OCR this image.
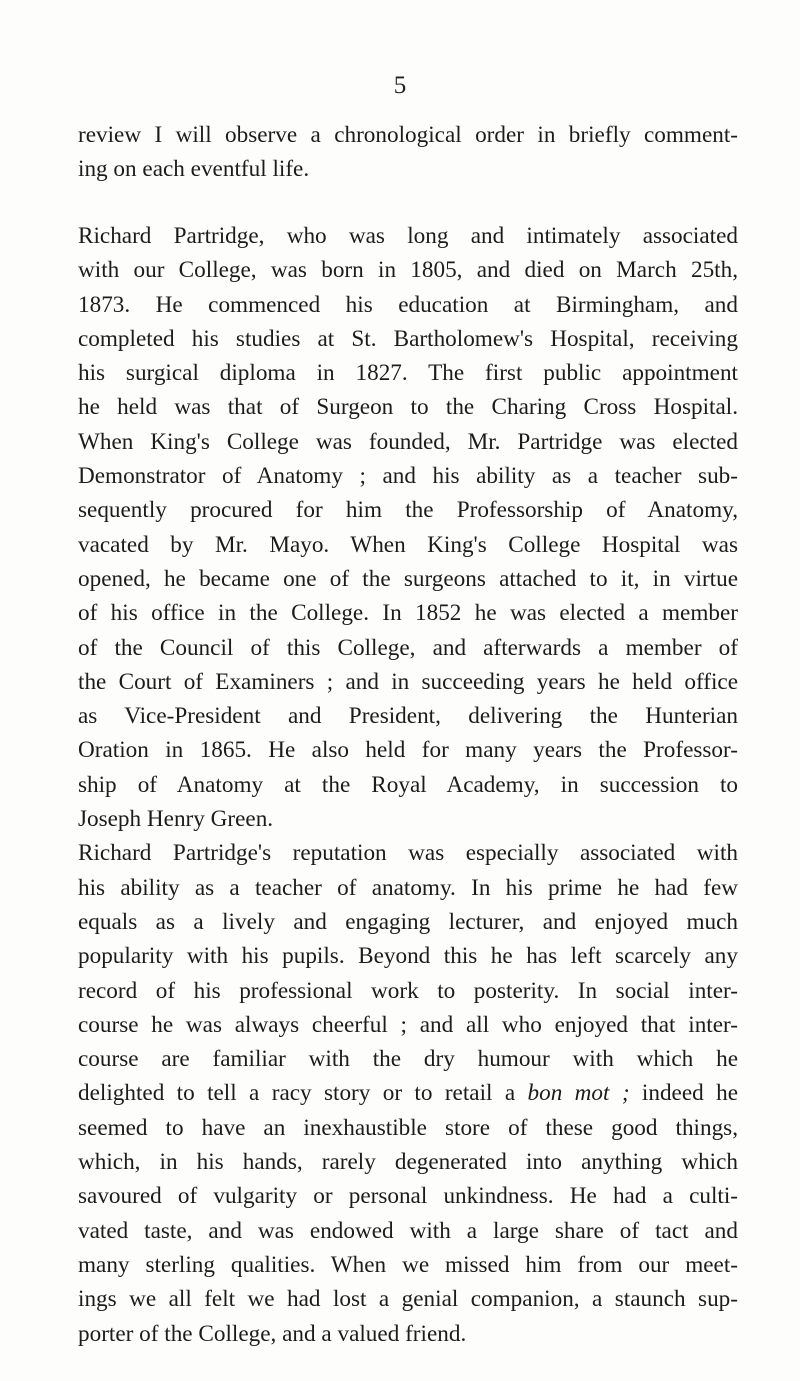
5
review I will observe a chronological order in briefly comment-
ing on each eventful life.
Richard Partridge, who was long and intimately associated
with our College, was born in 1805, and died on March 25th,
1873. He commenced his education at Birmingham, and
completed his studies at St. Bartholomew's Hospital, receiving
his surgical diploma in 1827. The first public appointment
he held was that of Surgeon to the Charing Cross Hospital.
When King's College was founded, Mr. Partridge was elected
Demonstrator of Anatomy ; and his ability as a teacher sub-
sequently procured for him the Professorship of Anatomy,
vacated by Mr. Mayo. When King's College Hospital was
opened, he became one of the surgeons attached to it, in virtue
of his office in the College. In 1852 he was elected a member
of the Council of this College, and afterwards a member of
the Court of Examiners ; and in succeeding years he held office
as Vice-President and President, delivering the Hunterian
Oration in 1865. He also held for many years the Professor-
ship of Anatomy at the Royal Academy, in succession to
Joseph Henry Green.
Richard Partridge's reputation was especially associated with
his ability as a teacher of anatomy. In his prime he had few
equals as a lively and engaging lecturer, and enjoyed much
popularity with his pupils. Beyond this he has left scarcely any
record of his professional work to posterity. In social inter-
course he was always cheerful ; and all who enjoyed that inter-
course are familiar with the dry humour with which he
delighted to tell a racy story or to retail a bon mot ; indeed he
seemed to have an inexhaustible store of these good things,
which, in his hands, rarely degenerated into anything which
savoured of vulgarity or personal unkindness. He had a culti-
vated taste, and was endowed with a large share of tact and
many sterling qualities. When we missed him from our meet-
ings we all felt we had lost a genial companion, a staunch sup-
porter of the College, and a valued friend.
